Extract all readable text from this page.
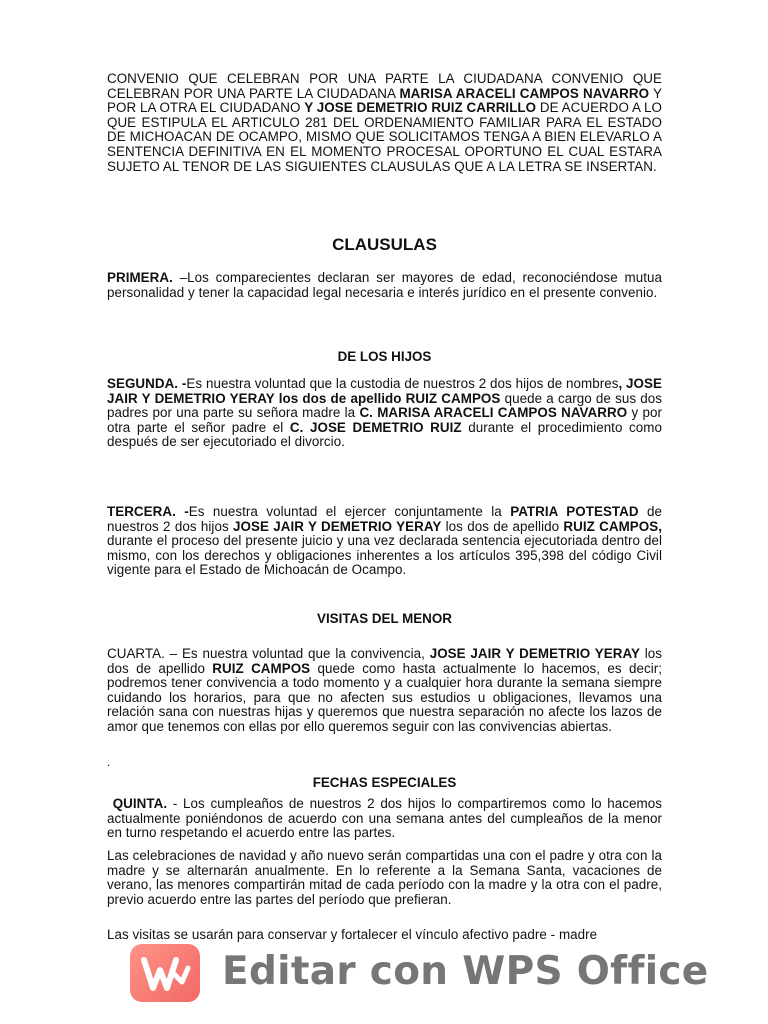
CONVENIO QUE CELEBRAN POR UNA PARTE LA CIUDADANA CONVENIO QUE CELEBRAN POR UNA PARTE LA CIUDADANA MARISA ARACELI CAMPOS NAVARRO Y POR LA OTRA EL CIUDADANO Y JOSE DEMETRIO RUIZ CARRILLO DE ACUERDO A LO QUE ESTIPULA EL ARTICULO 281 DEL ORDENAMIENTO FAMILIAR PARA EL ESTADO DE MICHOACAN DE OCAMPO, MISMO QUE SOLICITAMOS TENGA A BIEN ELEVARLO A SENTENCIA DEFINITIVA EN EL MOMENTO PROCESAL OPORTUNO EL CUAL ESTARA SUJETO AL TENOR DE LAS SIGUIENTES CLAUSULAS QUE A LA LETRA SE INSERTAN.

CLAUSULAS

PRIMERA. –Los comparecientes declaran ser mayores de edad, reconociéndose mutua personalidad y tener la capacidad legal necesaria e interés jurídico en el presente convenio.

DE LOS HIJOS

SEGUNDA. -Es nuestra voluntad que la custodia de nuestros 2 dos hijos de nombres, JOSE JAIR Y DEMETRIO YERAY los dos de apellido RUIZ CAMPOS quede a cargo de sus dos padres por una parte su señora madre la C. MARISA ARACELI CAMPOS NAVARRO y por otra parte el señor padre el C. JOSE DEMETRIO RUIZ durante el procedimiento como después de ser ejecutoriado el divorcio.

TERCERA. -Es nuestra voluntad el ejercer conjuntamente la PATRIA POTESTAD de nuestros 2 dos hijos JOSE JAIR Y DEMETRIO YERAY los dos de apellido RUIZ CAMPOS, durante el proceso del presente juicio y una vez declarada sentencia ejecutoriada dentro del mismo, con los derechos y obligaciones inherentes a los artículos 395,398 del código Civil vigente para el Estado de Michoacán de Ocampo.

VISITAS DEL MENOR

CUARTA. – Es nuestra voluntad que la convivencia, JOSE JAIR Y DEMETRIO YERAY los dos de apellido RUIZ CAMPOS quede como hasta actualmente lo hacemos, es decir; podremos tener convivencia a todo momento y a cualquier hora durante la semana siempre cuidando los horarios, para que no afecten sus estudios u obligaciones, llevamos una relación sana con nuestras hijas y queremos que nuestra separación no afecte los lazos de amor que tenemos con ellas por ello queremos seguir con las convivencias abiertas.

.

FECHAS ESPECIALES

QUINTA. - Los cumpleaños de nuestros 2 dos hijos lo compartiremos como lo hacemos actualmente poniéndonos de acuerdo con una semana antes del cumpleaños de la menor en turno respetando el acuerdo entre las partes.

Las celebraciones de navidad y año nuevo serán compartidas una con el padre y otra con la madre y se alternarán anualmente. En lo referente a la Semana Santa, vacaciones de verano, las menores compartirán mitad de cada período con la madre y la otra con el padre, previo acuerdo entre las partes del período que prefieran.

Las visitas se usarán para conservar y fortalecer el vínculo afectivo padre - madre

Editar con WPS Office
